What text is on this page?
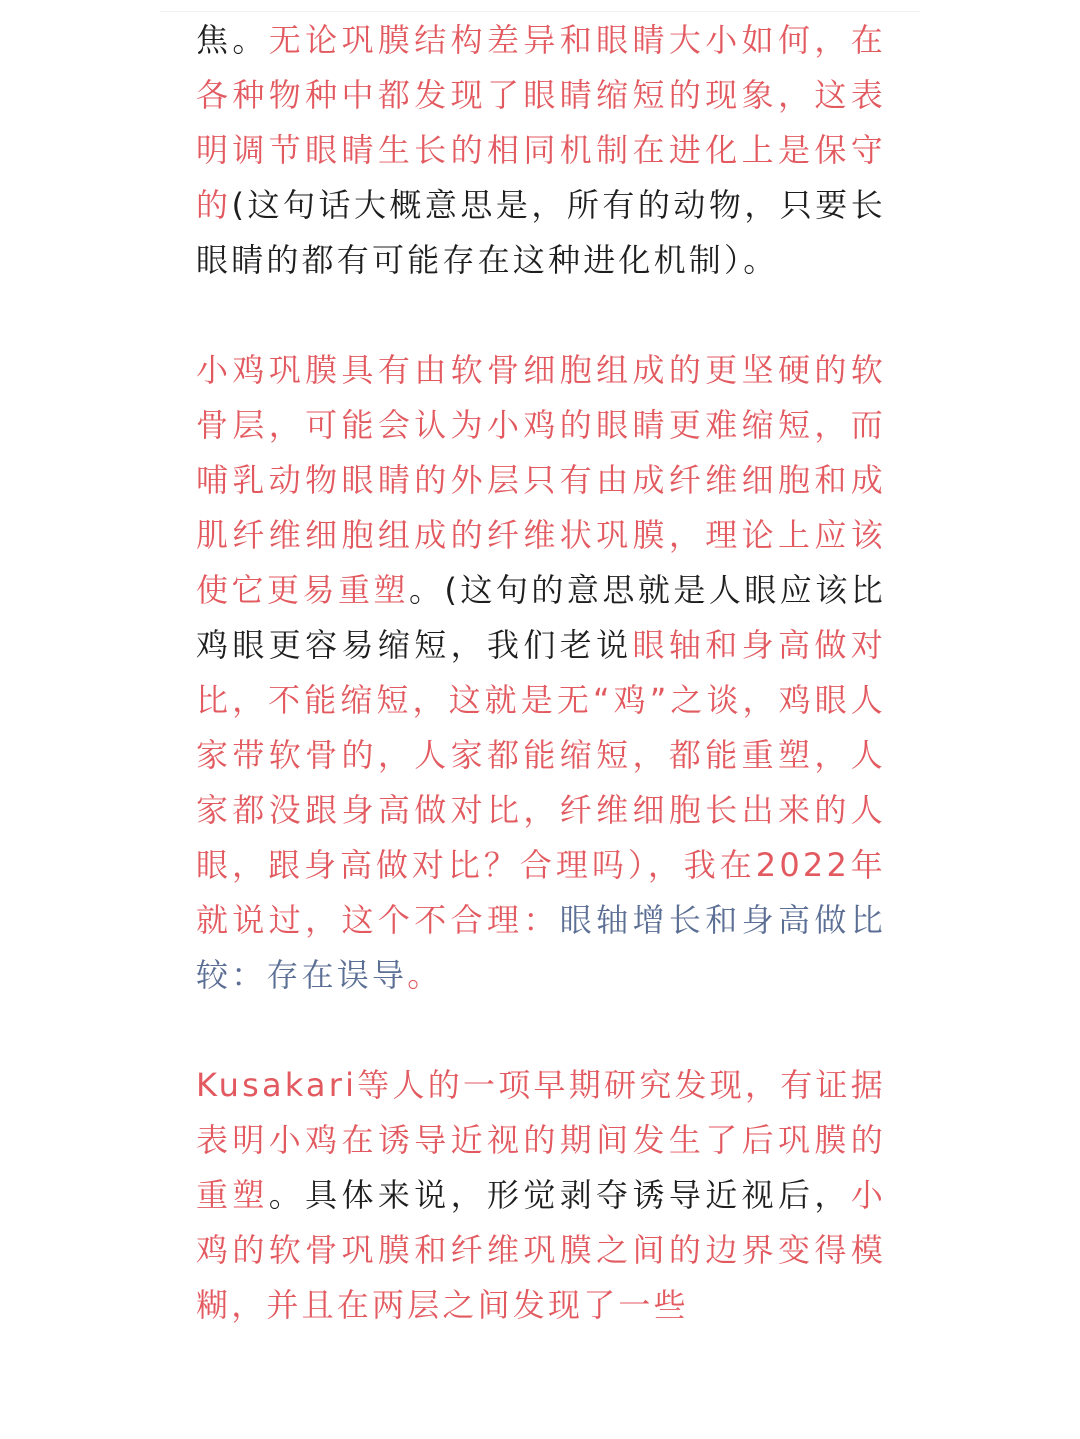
焦。无论巩膜结构差异和眼睛大小如何，在各种物种中都发现了眼睛缩短的现象，这表明调节眼睛生长的相同机制在进化上是保守的(这句话大概意思是，所有的动物，只要长眼睛的都有可能存在这种进化机制）。

小鸡巩膜具有由软骨细胞组成的更坚硬的软骨层，可能会认为小鸡的眼睛更难缩短，而哺乳动物眼睛的外层只有由成纤维细胞和成肌纤维细胞组成的纤维状巩膜，理论上应该使它更易重塑。(这句的意思就是人眼应该比鸡眼更容易缩短，我们老说眼轴和身高做对比，不能缩短，这就是无“鸡”之谈，鸡眼人家带软骨的，人家都能缩短，都能重塑，人家都没跟身高做对比，纤维细胞长出来的人眼，跟身高做对比？合理吗），我在2022年就说过，这个不合理：眼轴增长和身高做比较：存在误导。

Kusakari等人的一项早期研究发现，有证据表明小鸡在诱导近视的期间发生了后巩膜的重塑。具体来说，形觉剥夺诱导近视后，小鸡的软骨巩膜和纤维巩膜之间的边界变得模糊，并且在两层之间发现了一些
